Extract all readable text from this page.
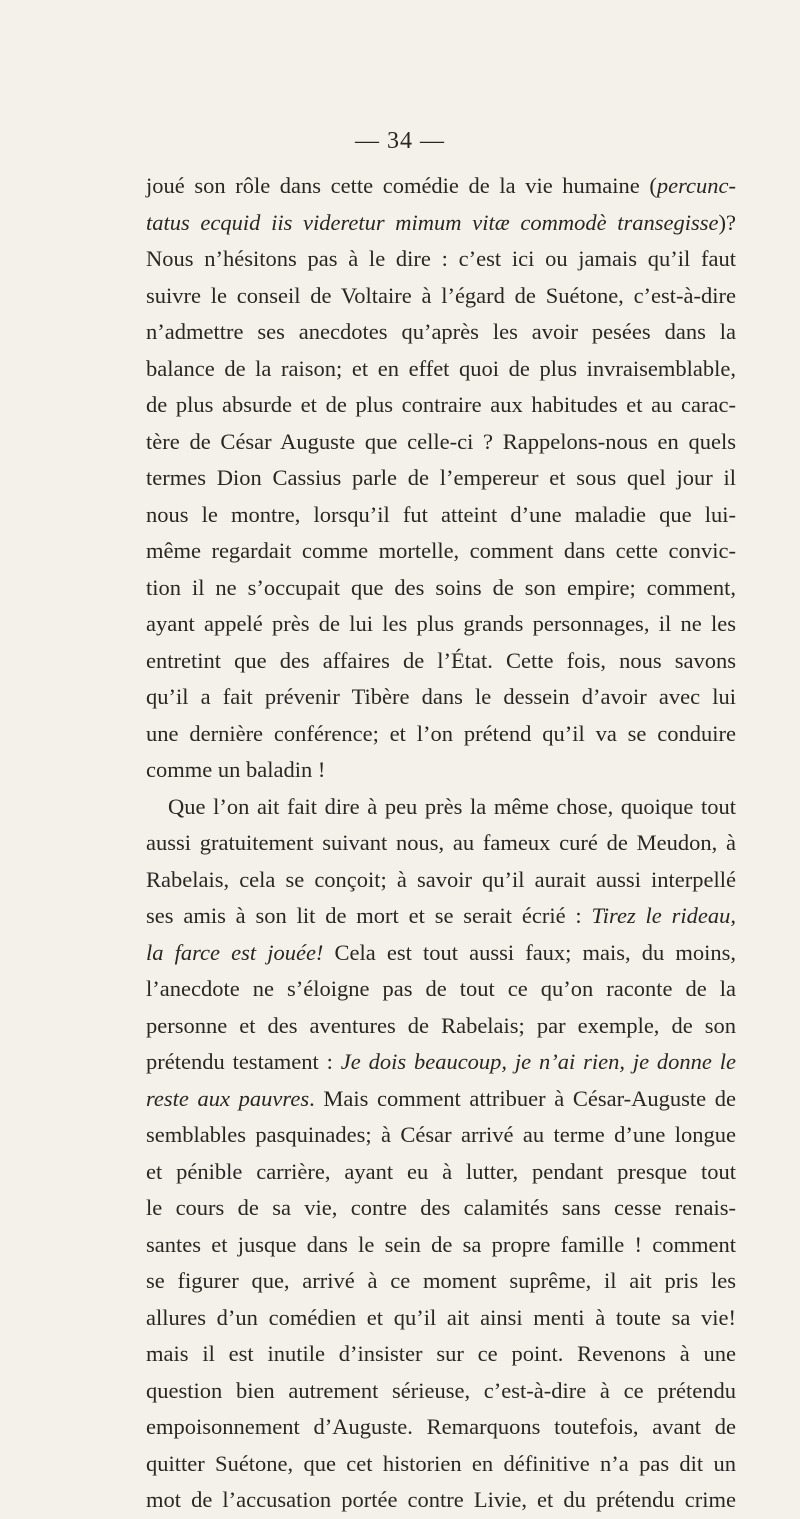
— 34 —
joué son rôle dans cette comédie de la vie humaine (percunc-
tatus ecquid iis videretur mimum vitæ commodè transegisse)?
Nous n’hésitons pas à le dire : c’est ici ou jamais qu’il faut
suivre le conseil de Voltaire à l’égard de Suétone, c’est-à-dire
n’admettre ses anecdotes qu’après les avoir pesées dans la
balance de la raison; et en effet quoi de plus invraisemblable,
de plus absurde et de plus contraire aux habitudes et au carac-
tère de César Auguste que celle-ci ? Rappelons-nous en quels
termes Dion Cassius parle de l’empereur et sous quel jour il
nous le montre, lorsqu’il fut atteint d’une maladie que lui-
même regardait comme mortelle, comment dans cette convic-
tion il ne s’occupait que des soins de son empire; comment,
ayant appelé près de lui les plus grands personnages, il ne les
entretint que des affaires de l’État. Cette fois, nous savons
qu’il a fait prévenir Tibère dans le dessein d’avoir avec lui
une dernière conférence; et l’on prétend qu’il va se conduire
comme un baladin !
Que l’on ait fait dire à peu près la même chose, quoique tout
aussi gratuitement suivant nous, au fameux curé de Meudon, à
Rabelais, cela se conçoit; à savoir qu’il aurait aussi interpellé
ses amis à son lit de mort et se serait écrié : Tirez le rideau,
la farce est jouée! Cela est tout aussi faux; mais, du moins,
l’anecdote ne s’éloigne pas de tout ce qu’on raconte de la
personne et des aventures de Rabelais; par exemple, de son
prétendu testament : Je dois beaucoup, je n’ai rien, je donne le
reste aux pauvres. Mais comment attribuer à César-Auguste de
semblables pasquinades; à César arrivé au terme d’une longue
et pénible carrière, ayant eu à lutter, pendant presque tout
le cours de sa vie, contre des calamités sans cesse renais-
santes et jusque dans le sein de sa propre famille ! comment
se figurer que, arrivé à ce moment suprême, il ait pris les
allures d’un comédien et qu’il ait ainsi menti à toute sa vie!
mais il est inutile d’insister sur ce point. Revenons à une
question bien autrement sérieuse, c’est-à-dire à ce prétendu
empoisonnement d’Auguste. Remarquons toutefois, avant de
quitter Suétone, que cet historien en définitive n’a pas dit un
mot de l’accusation portée contre Livie, et du prétendu crime
